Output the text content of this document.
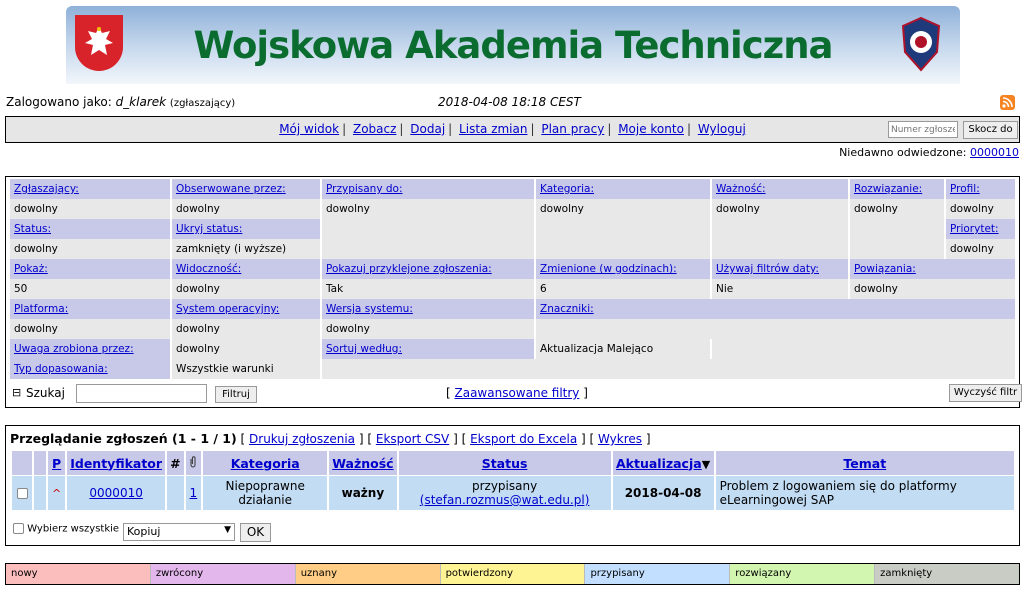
Wojskowa Akademia Techniczna
Zalogowano jako: d_klarek (zgłaszający)	2018-04-08 18:18 CEST
Mój widok | Zobacz | Dodaj | Lista zmian | Plan pracy | Moje konto | Wyloguj
Numer zgłoszenia	Skocz do
Niedawno odwiedzone: 0000010
Zgłaszający:	Obserwowane przez:	Przypisany do:	Kategoria:	Ważność:	Rozwiązanie:	Profil:
dowolny	dowolny	dowolny	dowolny	dowolny	dowolny	dowolny
Status:	Ukryj status:					Priorytet:
dowolny	zamknięty (i wyższe)					dowolny
Pokaż:	Widoczność:	Pokazuj przyklejone zgłoszenia:	Zmienione (w godzinach):	Używaj filtrów daty:	Powiązania:	
50	dowolny	Tak	6	Nie	dowolny	
Platforma:	System operacyjny:	Wersja systemu:	Znaczniki:			
dowolny	dowolny	dowolny				
Uwaga zrobiona przez:	dowolny	Sortuj według:	Aktualizacja Malejąco			
Typ dopasowania:	Wszystkie warunki					
⊟ Szukaj	Filtruj	[ Zaawansowane filtry ]	Wyczyść filtr
Przeglądanie zgłoszeń (1 - 1 / 1) [ Drukuj zgłoszenia ] [ Eksport CSV ] [ Eksport do Excela ] [ Wykres ]
		P	Identyfikator	#		Kategoria	Ważność	Status	Aktualizacja▼	Temat
		^	0000010		1	Niepoprawne działanie	ważny	przypisany
(stefan.rozmus@wat.edu.pl)	2018-04-08	Problem z logowaniem się do platformy eLearningowej SAP
Wybierz wszystkie Kopiuj	▼	OK
nowy	zwrócony	uznany	potwierdzony	przypisany	rozwiązany	zamknięty
